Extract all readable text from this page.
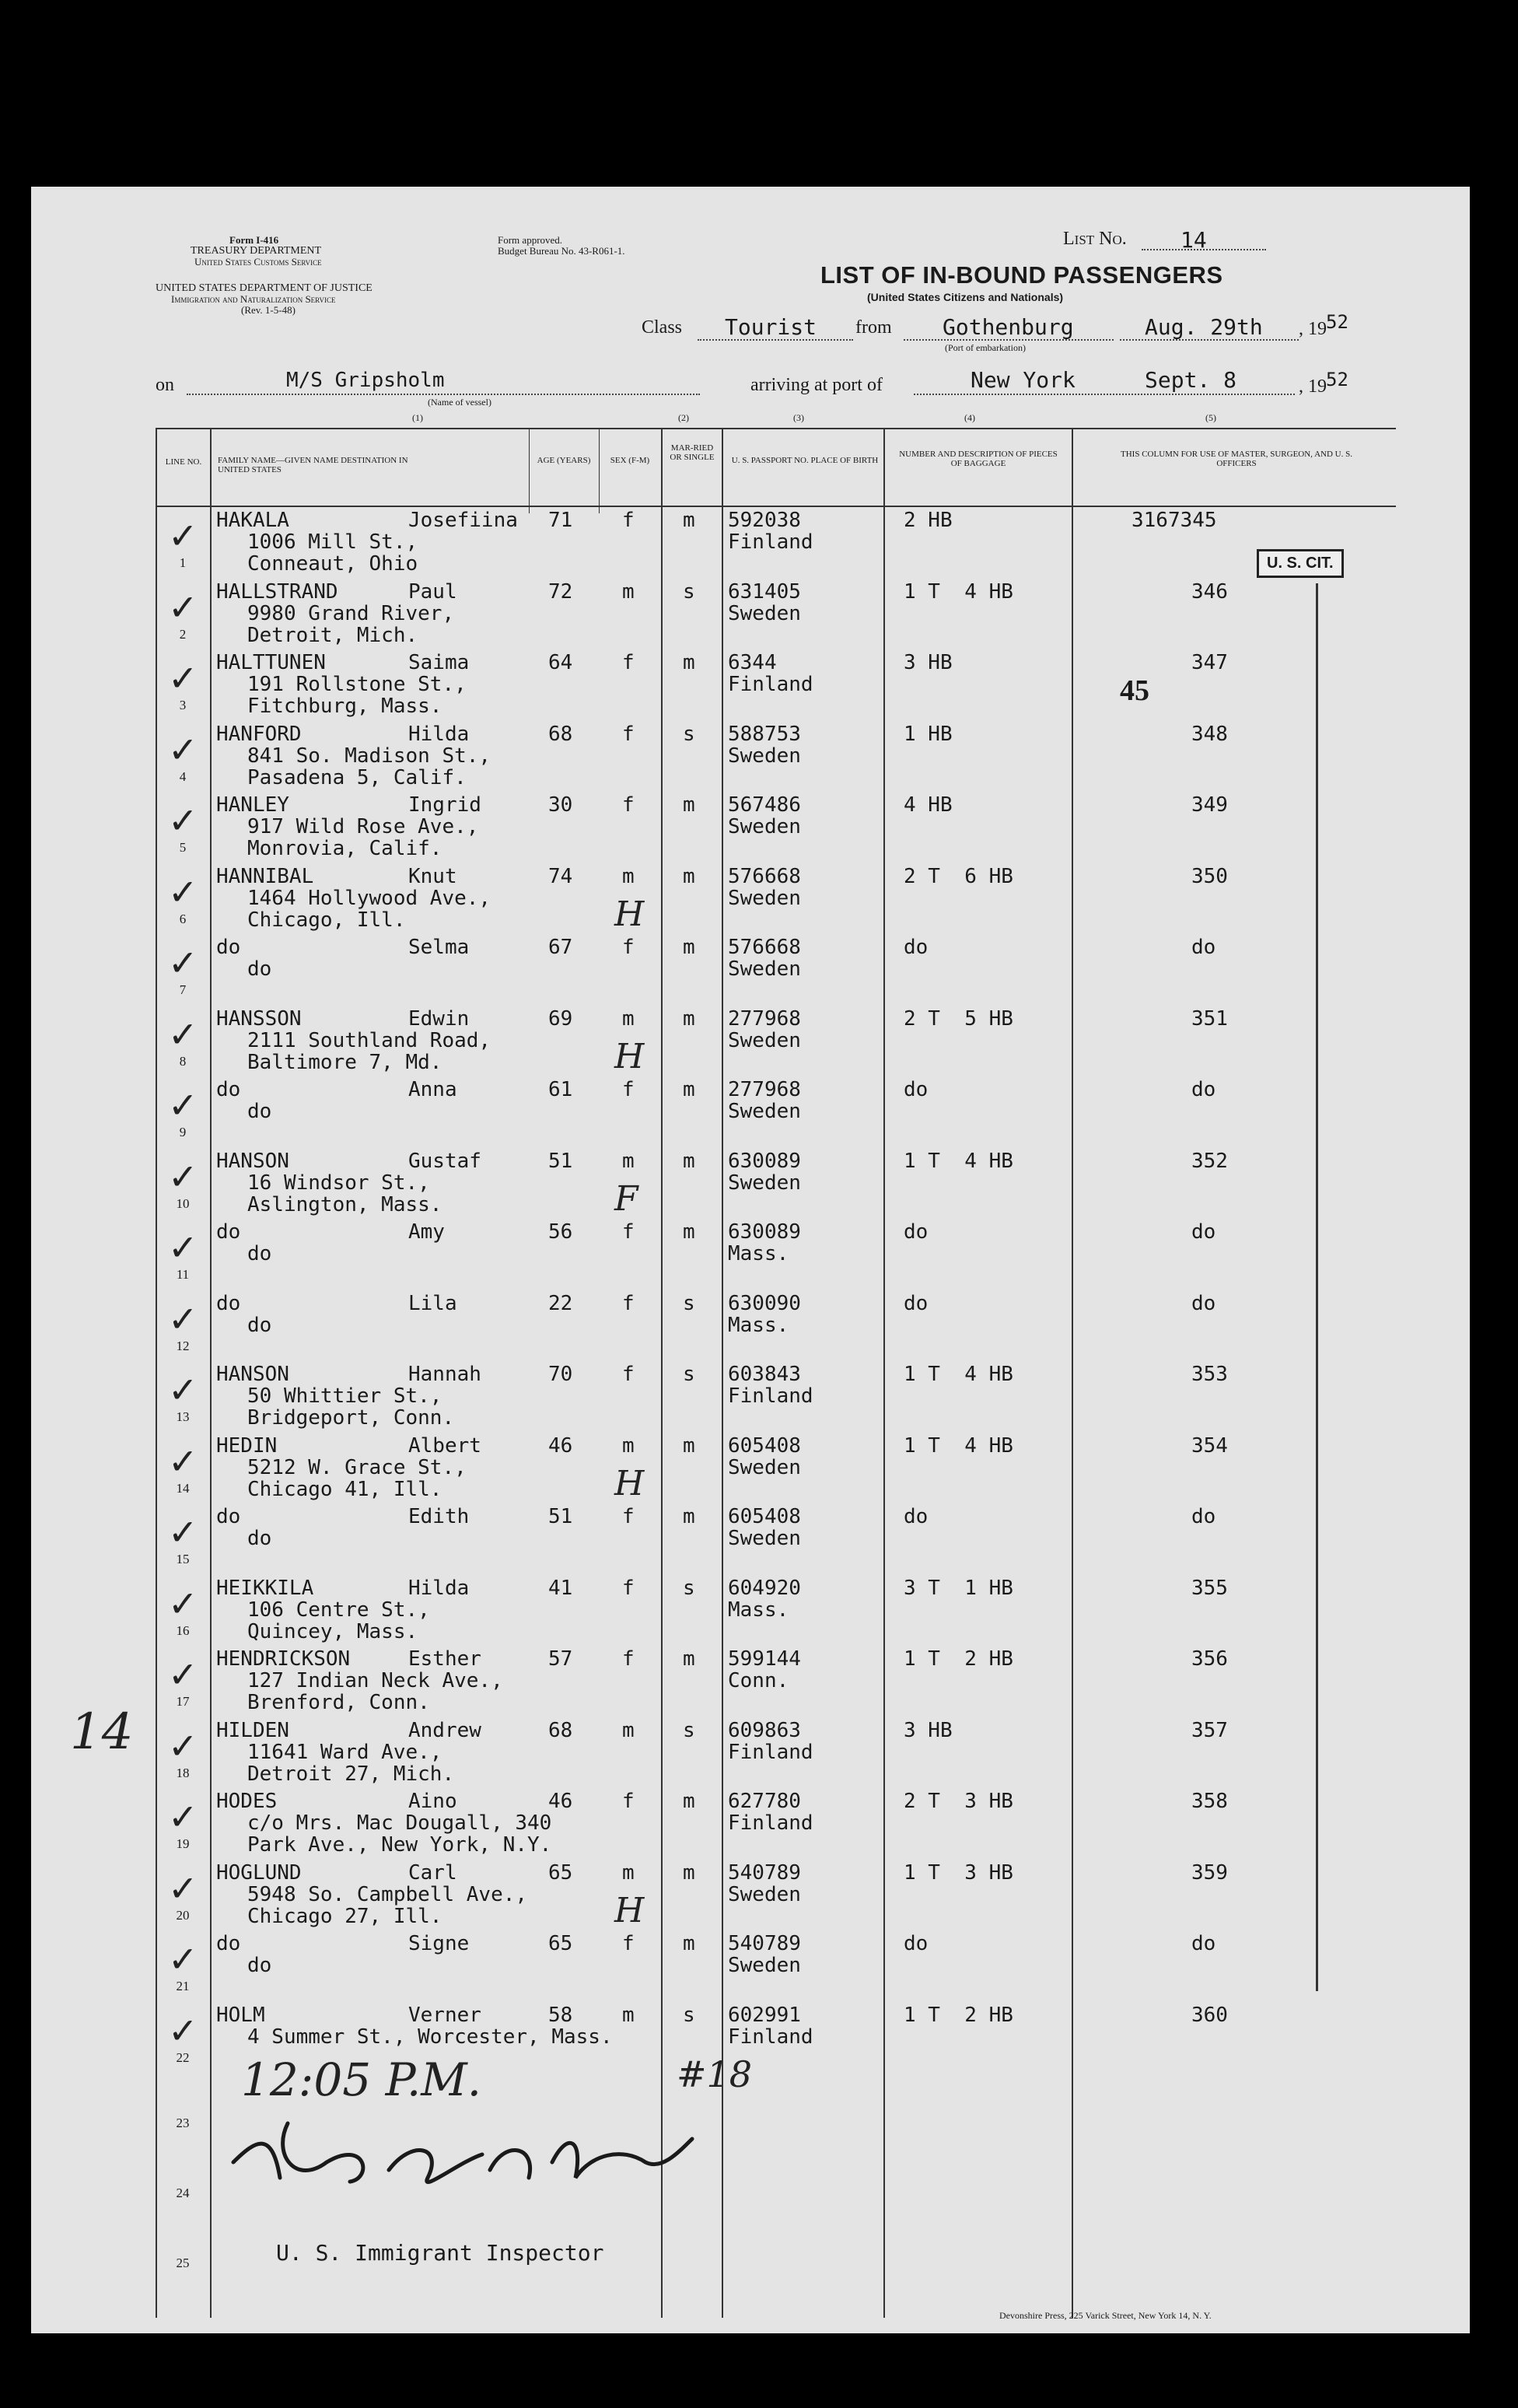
Form I-416
TREASURY DEPARTMENT
United States Customs Service
Form approved.
Budget Bureau No. 43-R061-1.
UNITED STATES DEPARTMENT OF JUSTICE
Immigration and Naturalization Service
(Rev. 1-5-48)
List No. 14
LIST OF IN-BOUND PASSENGERS
(United States Citizens and Nationals)
Class Tourist from Gothenburg
(Port of embarkation)
Aug. 29th , 19 52
on	M/S Gripsholm
(Name of vessel)
arriving at port of	New York	Sept. 8	, 19 52
(1)	(2)	(3)	(4)	(5)
LINE NO.	FAMILY NAME—GIVEN NAME DESTINATION IN UNITED STATES
AGE (YEARS)	SEX (F-M)
MAR-RIED OR SINGLE	U. S. PASSPORT NO. PLACE OF BIRTH
NUMBER AND DESCRIPTION OF PIECES OF BAGGAGE
THIS COLUMN FOR USE OF MASTER, SURGEON, AND U. S. OFFICERS
1
HAKALA	Josefiina
1006 Mill St.,
Conneaut, Ohio
71 f m 592038
Finland
2 HB	3167345
✓
2
HALLSTRAND	Paul
9980 Grand River,
Detroit, Mich.
72 m s 631405
Sweden
1 T  4 HB	346
✓
3
HALTTUNEN	Saima
191 Rollstone St.,
Fitchburg, Mass.
64 f m 6344
Finland
3 HB	347
✓
4
HANFORD	Hilda
841 So. Madison St.,
Pasadena 5, Calif.
68 f s 588753
Sweden
1 HB	348
✓
5
HANLEY	Ingrid
917 Wild Rose Ave.,
Monrovia, Calif.
30 f m 567486
Sweden
4 HB	349
✓
6
HANNIBAL	Knut
1464 Hollywood Ave.,
Chicago, Ill.
74 m m 576668
Sweden
2 T  6 HB	350
✓
H
7
do	Selma
do
67 f m 576668
Sweden
do	do
✓
8
HANSSON	Edwin
2111 Southland Road,
Baltimore 7, Md.
69 m m 277968
Sweden
2 T  5 HB	351
✓
H
9
do	Anna
do
61 f m 277968
Sweden
do	do
✓
10
HANSON	Gustaf
16 Windsor St.,
Aslington, Mass.
51 m m 630089
Sweden
1 T  4 HB	352
✓
F
11
do	Amy
do
56 f m 630089
Mass.
do	do
✓
12
do	Lila
do
22 f s 630090
Mass.
do	do
✓
13
HANSON	Hannah
50 Whittier St.,
Bridgeport, Conn.
70 f s 603843
Finland
1 T  4 HB	353
✓
14
HEDIN	Albert
5212 W. Grace St.,
Chicago 41, Ill.
46 m m 605408
Sweden
1 T  4 HB	354
✓
H
15
do	Edith
do
51 f m 605408
Sweden
do	do
✓
16
HEIKKILA	Hilda
106 Centre St.,
Quincey, Mass.
41 f s 604920
Mass.
3 T  1 HB	355
✓
17
HENDRICKSON	Esther
127 Indian Neck Ave.,
Brenford, Conn.
57 f m 599144
Conn.
1 T  2 HB	356
✓
18
HILDEN	Andrew
11641 Ward Ave.,
Detroit 27, Mich.
68 m s 609863
Finland
3 HB	357
✓
19
HODES	Aino
c/o Mrs. Mac Dougall, 340
Park Ave., New York, N.Y.
46 f m 627780
Finland
2 T  3 HB	358
✓
20
HOGLUND	Carl
5948 So. Campbell Ave.,
Chicago 27, Ill.
65 m m 540789
Sweden
1 T  3 HB	359
✓
H
21
do	Signe
do
65 f m 540789
Sweden
do	do
✓
22
HOLM	Verner
4 Summer St., Worcester, Mass.
58 m s 602991
Finland
1 T  2 HB	360
✓
23
24
25
U. S. CIT.
45
12:05 P.M.	#18
14
U. S. Immigrant Inspector
Devonshire Press, 225 Varick Street, New York 14, N. Y.
